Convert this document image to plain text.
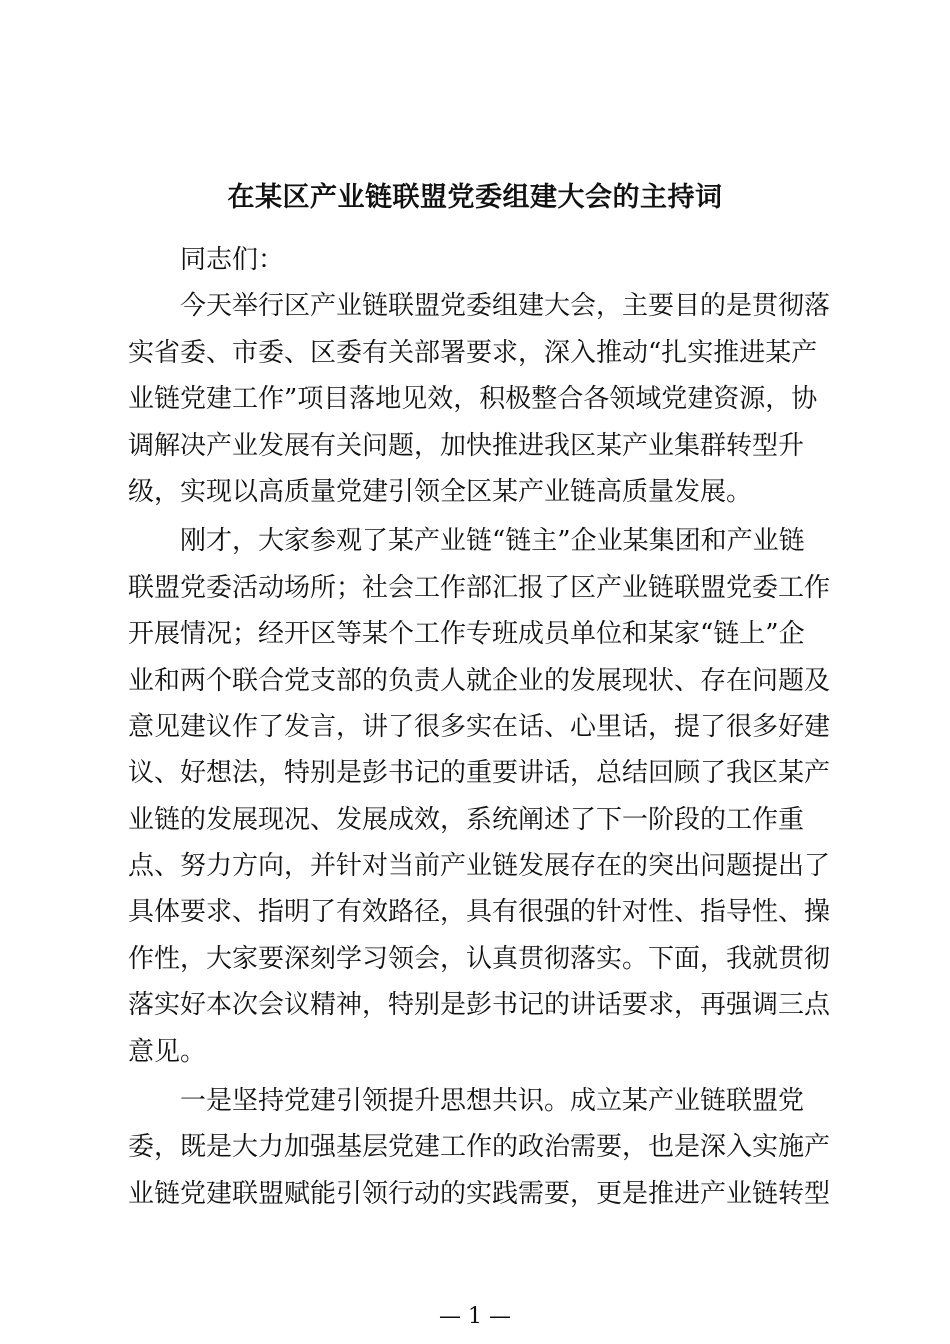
在某区产业链联盟党委组建大会的主持词
同志们：
今天举行区产业链联盟党委组建大会，主要目的是贯彻落
实省委、市委、区委有关部署要求，深入推动“扎实推进某产
业链党建工作”项目落地见效，积极整合各领域党建资源，协
调解决产业发展有关问题，加快推进我区某产业集群转型升
级，实现以高质量党建引领全区某产业链高质量发展。
刚才，大家参观了某产业链“链主”企业某集团和产业链
联盟党委活动场所；社会工作部汇报了区产业链联盟党委工作
开展情况；经开区等某个工作专班成员单位和某家“链上”企
业和两个联合党支部的负责人就企业的发展现状、存在问题及
意见建议作了发言，讲了很多实在话、心里话，提了很多好建
议、好想法，特别是彭书记的重要讲话，总结回顾了我区某产
业链的发展现况、发展成效，系统阐述了下一阶段的工作重
点、努力方向，并针对当前产业链发展存在的突出问题提出了
具体要求、指明了有效路径，具有很强的针对性、指导性、操
作性，大家要深刻学习领会，认真贯彻落实。下面，我就贯彻
落实好本次会议精神，特别是彭书记的讲话要求，再强调三点
意见。
一是坚持党建引领提升思想共识。成立某产业链联盟党
委，既是大力加强基层党建工作的政治需要，也是深入实施产
业链党建联盟赋能引领行动的实践需要，更是推进产业链转型
— 1 —
